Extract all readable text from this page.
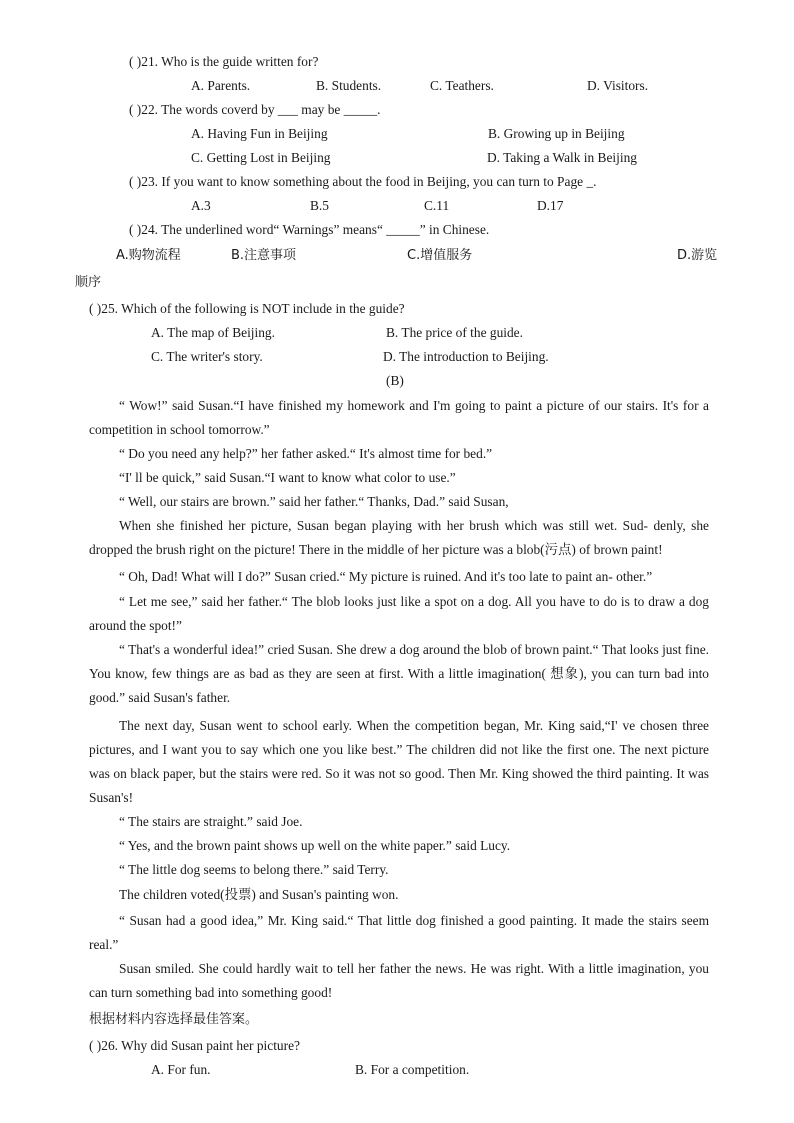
( )21. Who is the guide written for?
A. Parents.	B. Students.	C. Teathers.	D. Visitors.
( )22. The words coverd by ___ may be _____.
A. Having Fun in Beijing	B. Growing up in Beijing
C. Getting Lost in Beijing	D. Taking a Walk in Beijing
( )23. If you want to know something about the food in Beijing, you can turn to Page _.
A.3	B.5	C.11	D.17
( )24. The underlined word“ Warnings” means“ _____” in Chinese.
A.购物流程	B.注意事项	C.增值服务	D.游览
顺序
( )25. Which of the following is NOT include in the guide?
A. The map of Beijing.	B. The price of the guide.
C. The writer's story.	D. The introduction to Beijing.
(B)
“ Wow!” said Susan.“I have finished my homework and I'm going to paint a picture of our stairs. It's for a competition in school tomorrow.”
“ Do you need any help?” her father asked.“ It's almost time for bed.”
“I' ll be quick,” said Susan.“I want to know what color to use.”
“ Well, our stairs are brown.” said her father.“ Thanks, Dad.” said Susan,
When she finished her picture, Susan began playing with her brush which was still wet. Sud- denly, she dropped the brush right on the picture! There in the middle of her picture was a blob(污点) of brown paint!
“ Oh, Dad! What will I do?” Susan cried.“ My picture is ruined. And it's too late to paint an- other.”
“ Let me see,” said her father.“ The blob looks just like a spot on a dog. All you have to do is to draw a dog around the spot!”
“ That's a wonderful idea!” cried Susan. She drew a dog around the blob of brown paint.“ That looks just fine. You know, few things are as bad as they are seen at first. With a little imagination( 想象), you can turn bad into good.” said Susan's father.
The next day, Susan went to school early. When the competition began, Mr. King said,“I' ve chosen three pictures, and I want you to say which one you like best.” The children did not like the first one. The next picture was on black paper, but the stairs were red. So it was not so good. Then Mr. King showed the third painting. It was Susan's!
“ The stairs are straight.” said Joe.
“ Yes, and the brown paint shows up well on the white paper.” said Lucy.
“ The little dog seems to belong there.” said Terry.
The children voted(投票) and Susan's painting won.
“ Susan had a good idea,” Mr. King said.“ That little dog finished a good painting. It made the stairs seem real.”
Susan smiled. She could hardly wait to tell her father the news. He was right. With a little imagination, you can turn something bad into something good!
根据材料内容选择最佳答案。
( )26. Why did Susan paint her picture?
A. For fun.	B. For a competition.
